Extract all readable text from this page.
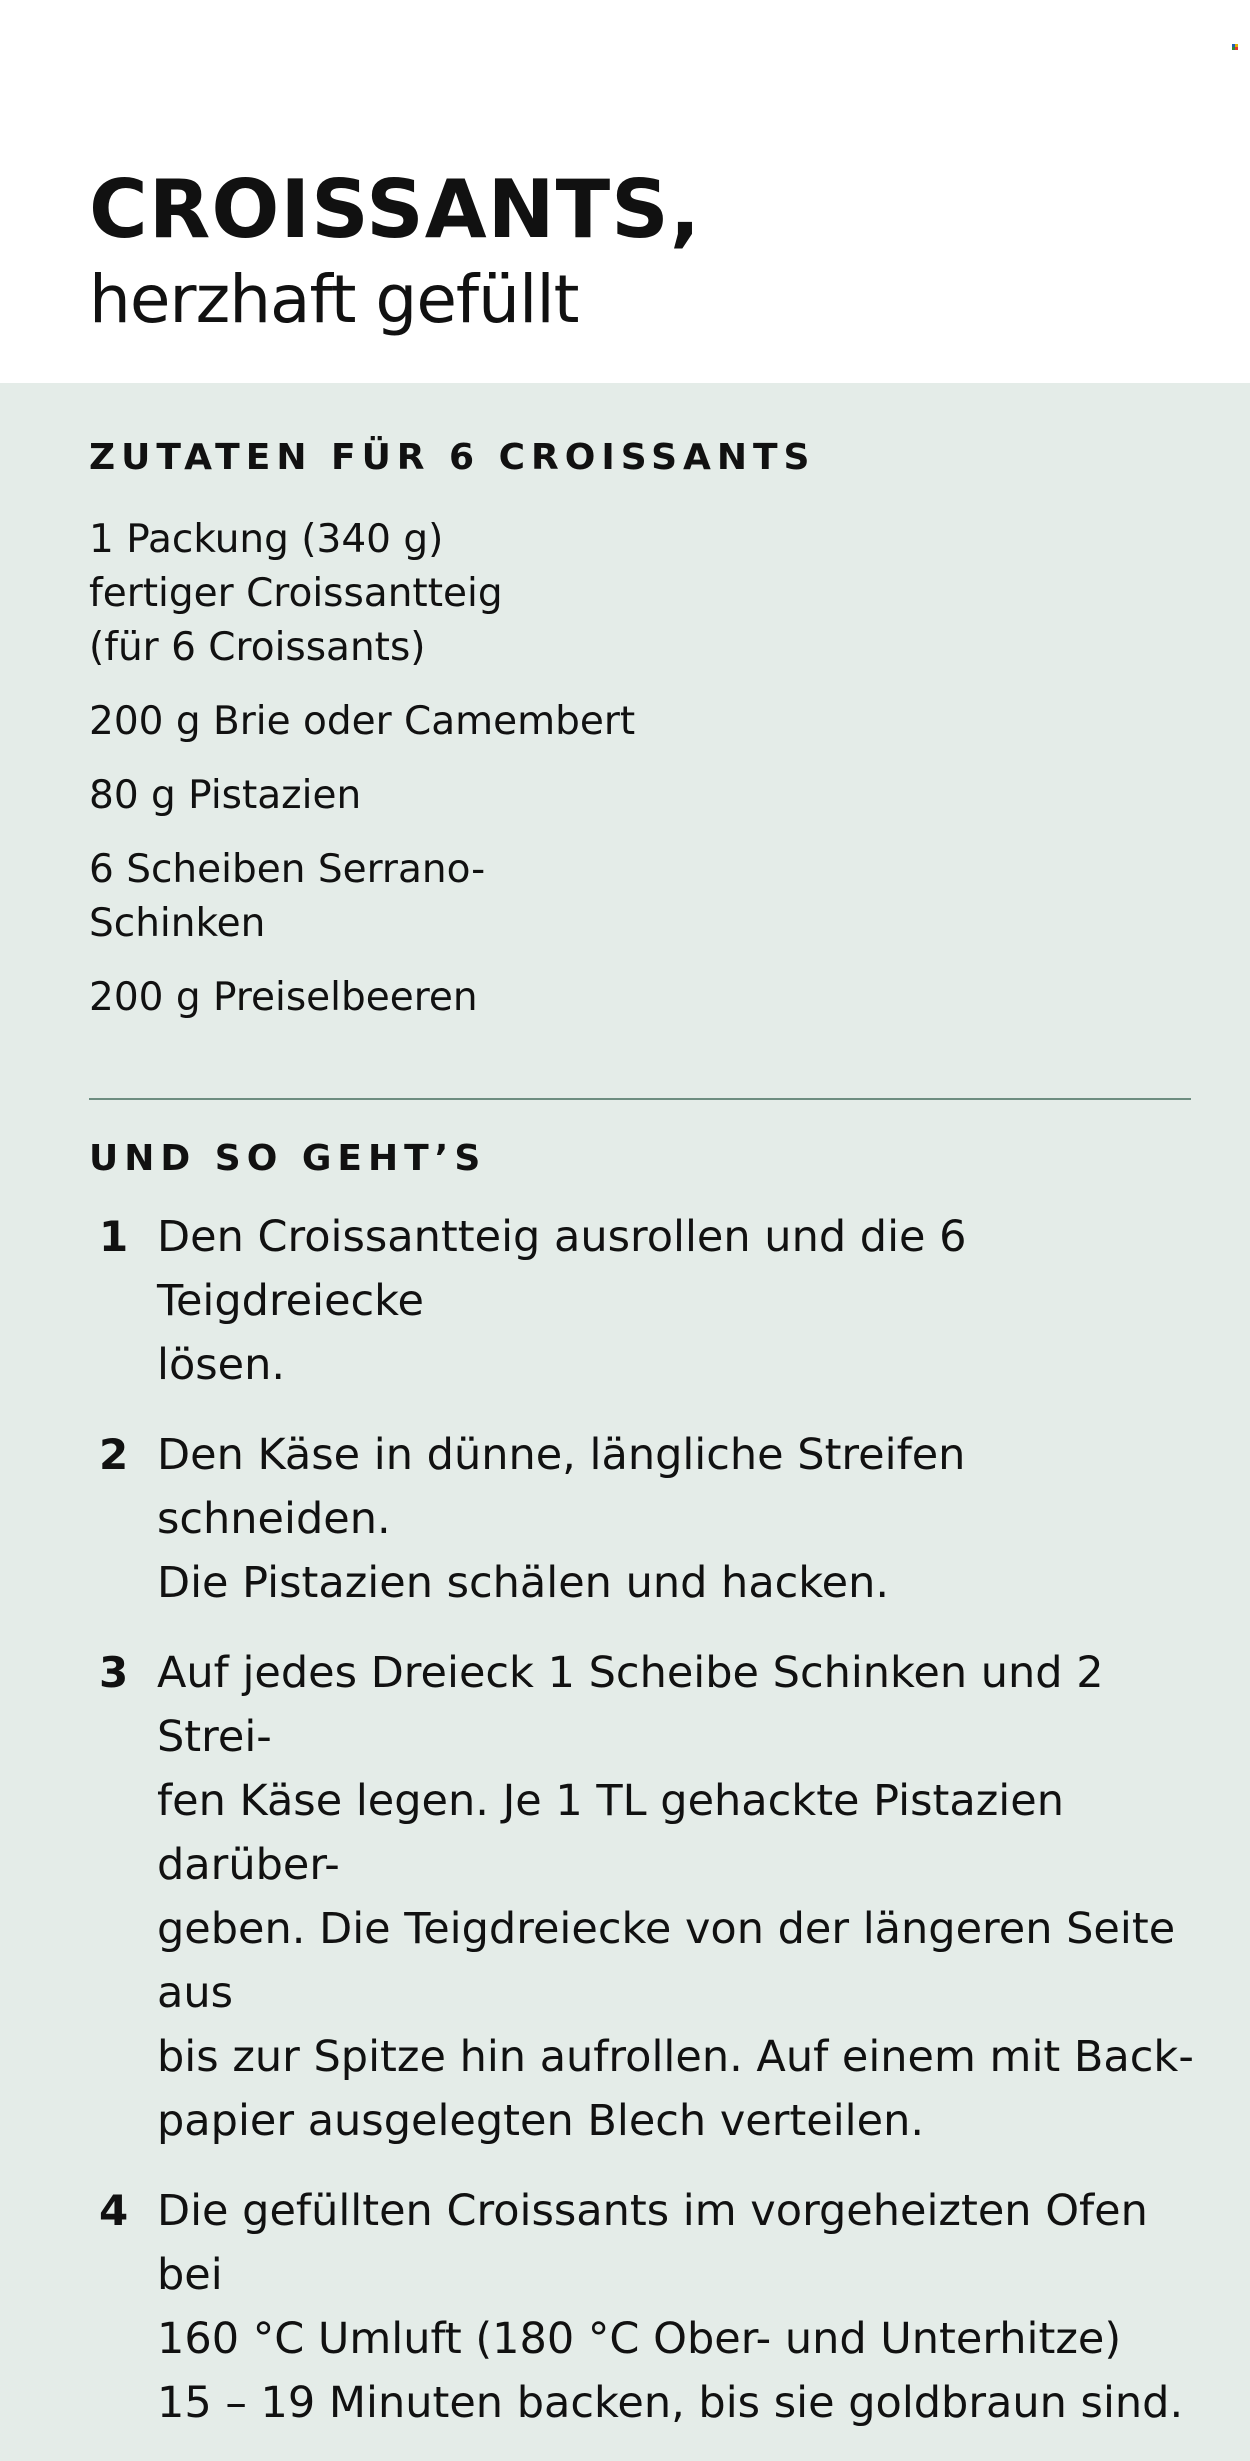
CROISSANTS,
herzhaft gefüllt
ZUTATEN FÜR 6 CROISSANTS
1 Packung (340 g)
fertiger Croissantteig
(für 6 Croissants)
200 g Brie oder Camembert
80 g Pistazien
6 Scheiben Serrano-
Schinken
200 g Preiselbeeren
UND SO GEHT’S
1 Den Croissantteig ausrollen und die 6 Teigdreiecke
lösen.
2 Den Käse in dünne, längliche Streifen schneiden.
Die Pistazien schälen und hacken.
3 Auf jedes Dreieck 1 Scheibe Schinken und 2 Strei-
fen Käse legen. Je 1 TL gehackte Pistazien darüber-
geben. Die Teigdreiecke von der längeren Seite aus
bis zur Spitze hin aufrollen. Auf einem mit Back-
papier ausgelegten Blech verteilen.
4 Die gefüllten Croissants im vorgeheizten Ofen bei
160 °C Umluft (180 °C Ober- und Unterhitze)
15 – 19 Minuten backen, bis sie goldbraun sind.
